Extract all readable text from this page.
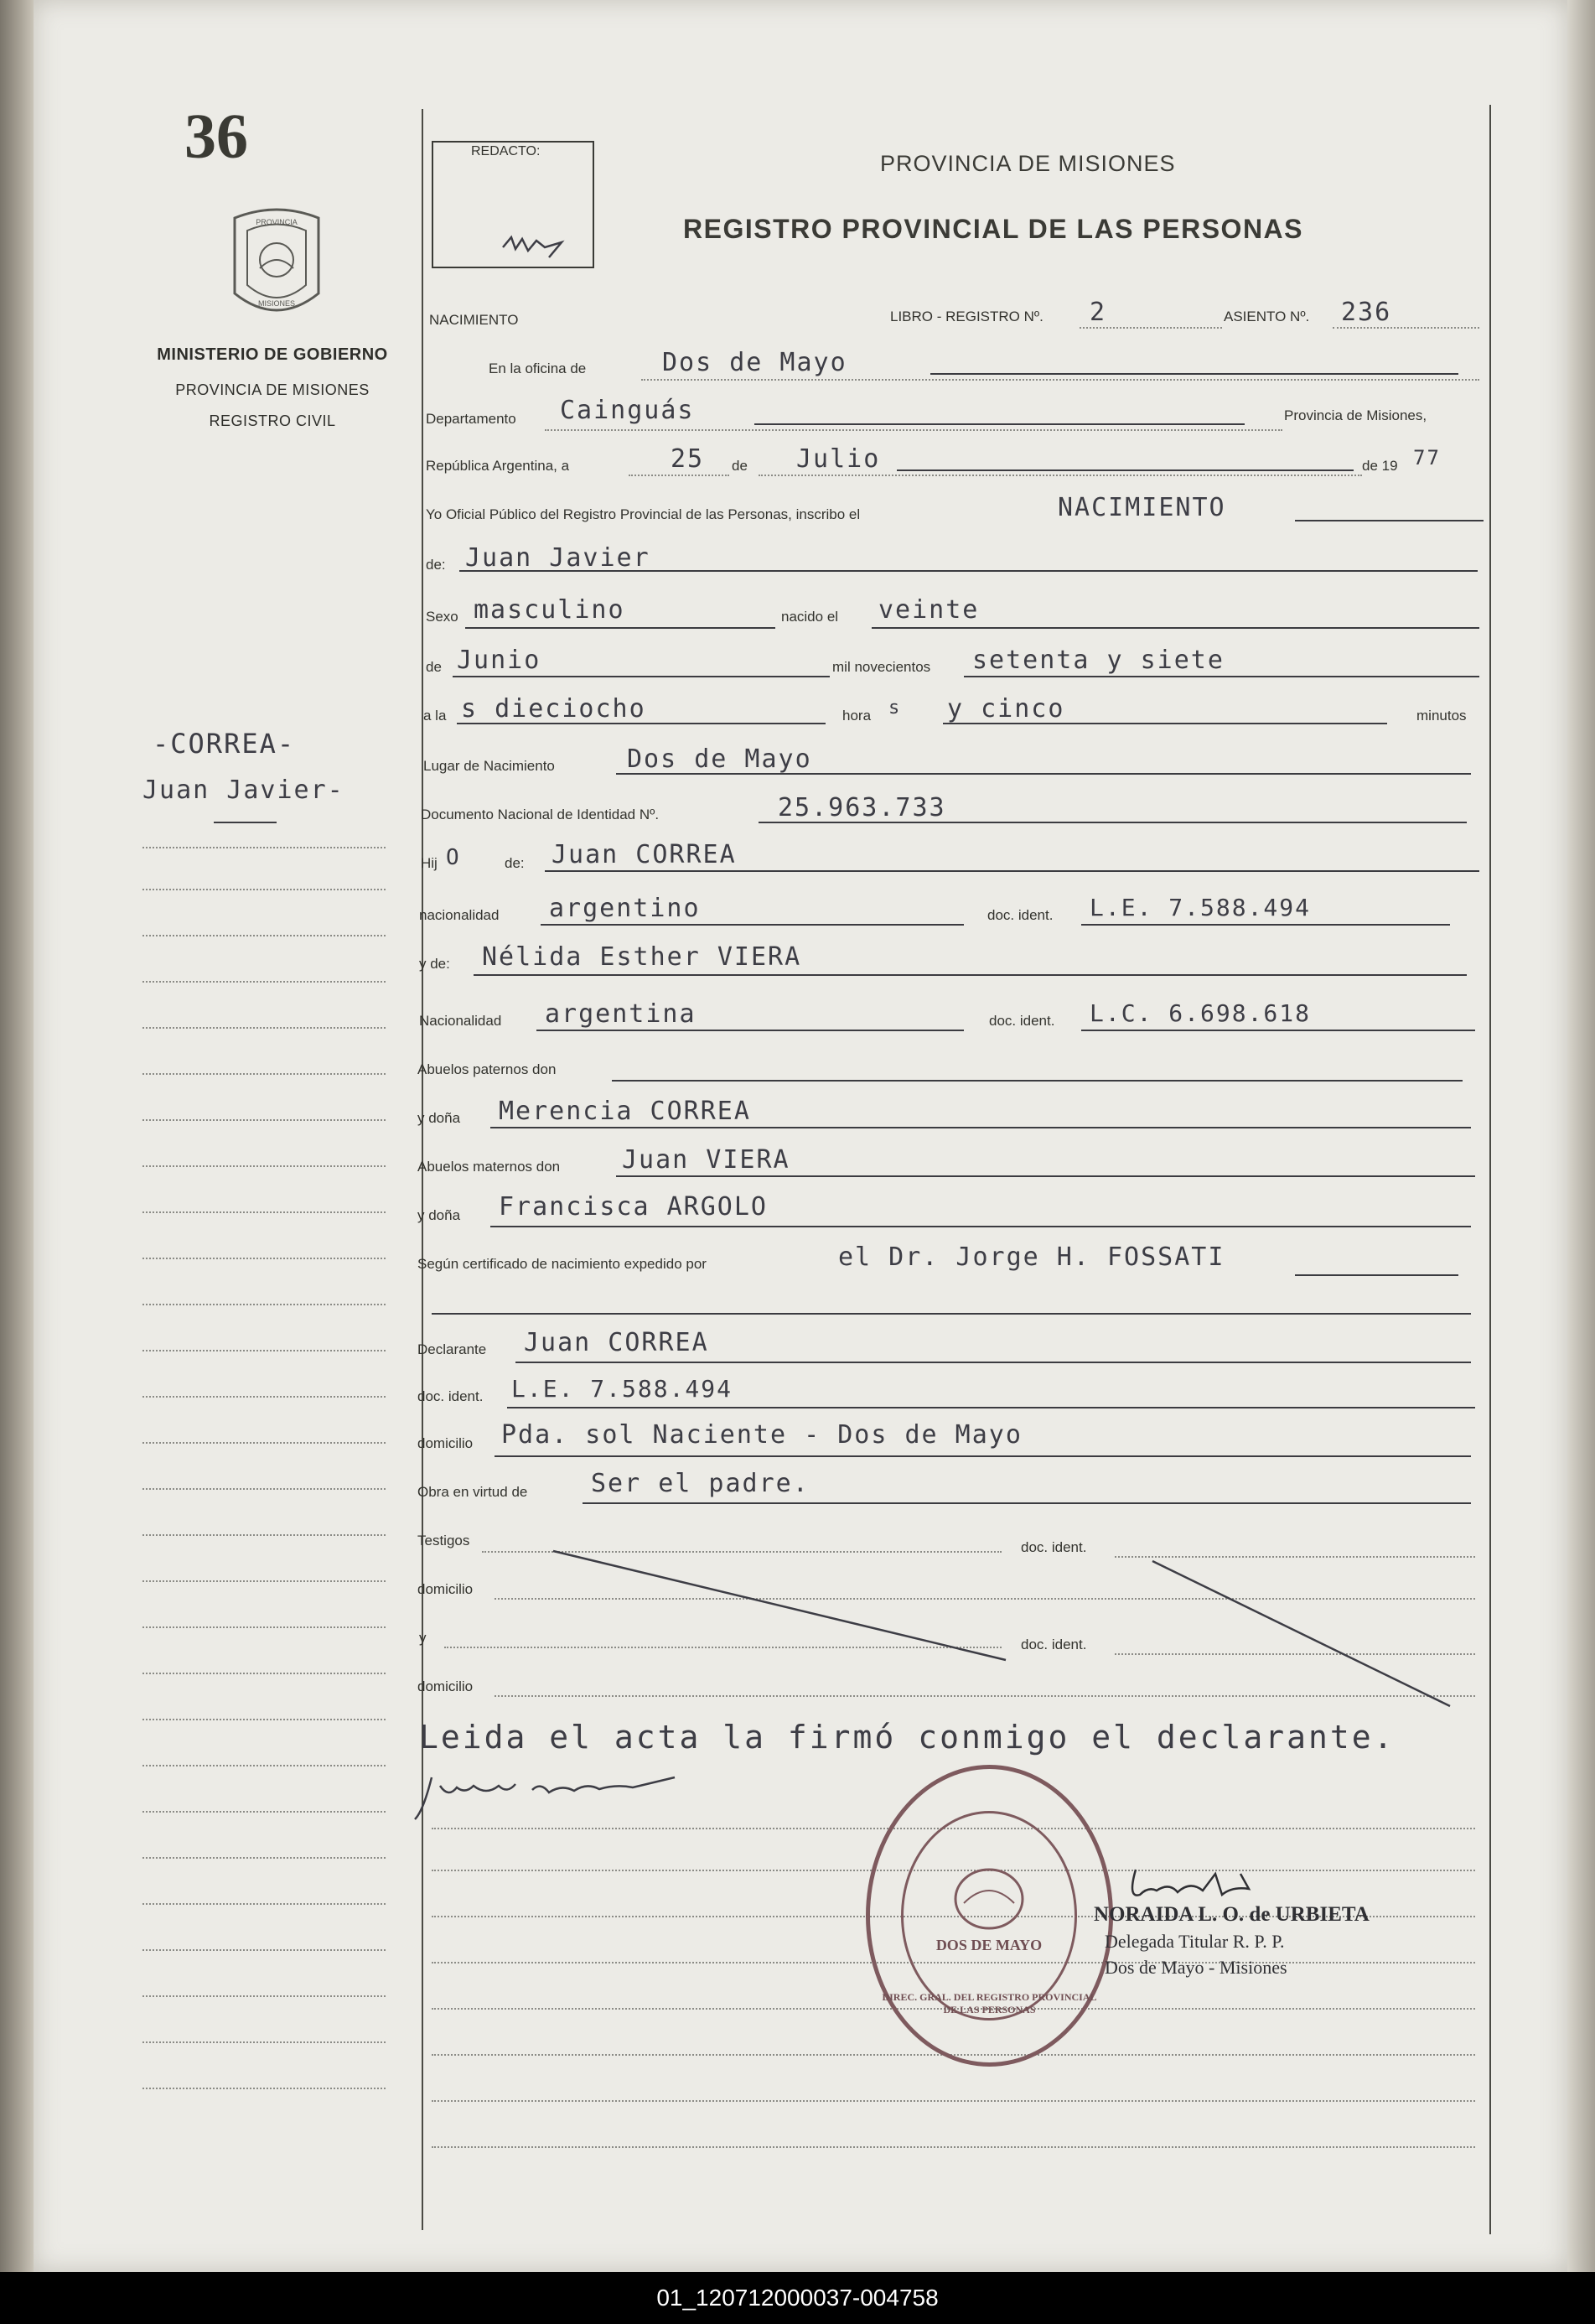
36
PROVINCIA
MISIONES
MINISTERIO DE GOBIERNO
PROVINCIA DE MISIONES
REGISTRO CIVIL
-CORREA-
Juan Javier-
REDACTO:	PROVINCIA DE MISIONES
REGISTRO PROVINCIAL DE LAS PERSONAS
NACIMIENTO	LIBRO - REGISTRO Nº. 2	ASIENTO Nº. 236
En la oficina de	Dos de Mayo
Departamento Cainguás	Provincia de Misiones,
República Argentina, a	25 de Julio	de 19 77
Yo Oficial Público del Registro Provincial de las Personas, inscribo el	NACIMIENTO
de: Juan Javier
Sexo masculino	nacido el veinte
de Junio	mil novecientos setenta y siete
a la s dieciocho	hora s y cinco	minutos
Lugar de Nacimiento	Dos de Mayo
Documento Nacional de Identidad Nº.	25.963.733
Hij O	de: Juan CORREA
nacionalidad argentino	doc. ident. L.E. 7.588.494
y de: Nélida Esther VIERA
Nacionalidad argentina	doc. ident. L.C. 6.698.618
Abuelos paternos don
y doña Merencia CORREA
Abuelos maternos don Juan VIERA
y doña Francisca ARGOLO
Según certificado de nacimiento expedido por	el Dr. Jorge H. FOSSATI
Declarante Juan CORREA
doc. ident. L.E. 7.588.494
domicilio Pda. sol Naciente - Dos de Mayo
Obra en virtud de	Ser el padre.
Testigos	doc. ident.
domicilio
y	doc. ident.
domicilio
Leida el acta la firmó conmigo el declarante.
DIREC. GRAL. DEL REGISTRO PROVINCIAL DE LAS PERSONAS
DOS DE MAYO
NORAIDA L. O. de URBIETA
Delegada Titular R. P. P.
Dos de Mayo - Misiones
01_120712000037-004758
